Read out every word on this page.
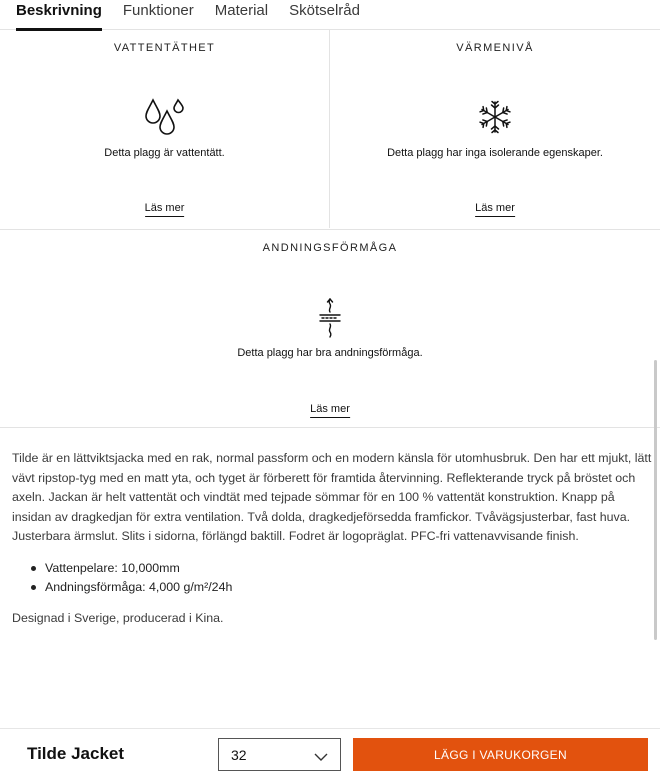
Beskrivning Funktioner Material Skötselråd
VATTENTÄTHET
Detta plagg är vattentätt.
Läs mer
VÄRMENIVÅ
Detta plagg har inga isolerande egenskaper.
Läs mer
ANDNINGSFÖRMÅGA
Detta plagg har bra andningsförmåga.
Läs mer

Tilde är en lättviktsjacka med en rak, normal passform och en modern känsla för utomhusbruk. Den har ett mjukt, lätt vävt ripstop-tyg med en matt yta, och tyget är förberett för framtida återvinning. Reflekterande tryck på bröstet och axeln. Jackan är helt vattentät och vindtät med tejpade sömmar för en 100 % vattentät konstruktion. Knapp på insidan av dragkedjan för extra ventilation. Två dolda, dragkedjeförsedda framfickor. Tvåvägsjusterbar, fast huva. Justerbara ärmslut. Slits i sidorna, förlängd baktill. Fodret är logopräglat. PFC-fri vattenavvisande finish.

Vattenpelare: 10,000mm
Andningsförmåga: 4,000 g/m²/24h

Designad i Sverige, producerad i Kina.

Tilde Jacket	32	LÄGG I VARUKORGEN
